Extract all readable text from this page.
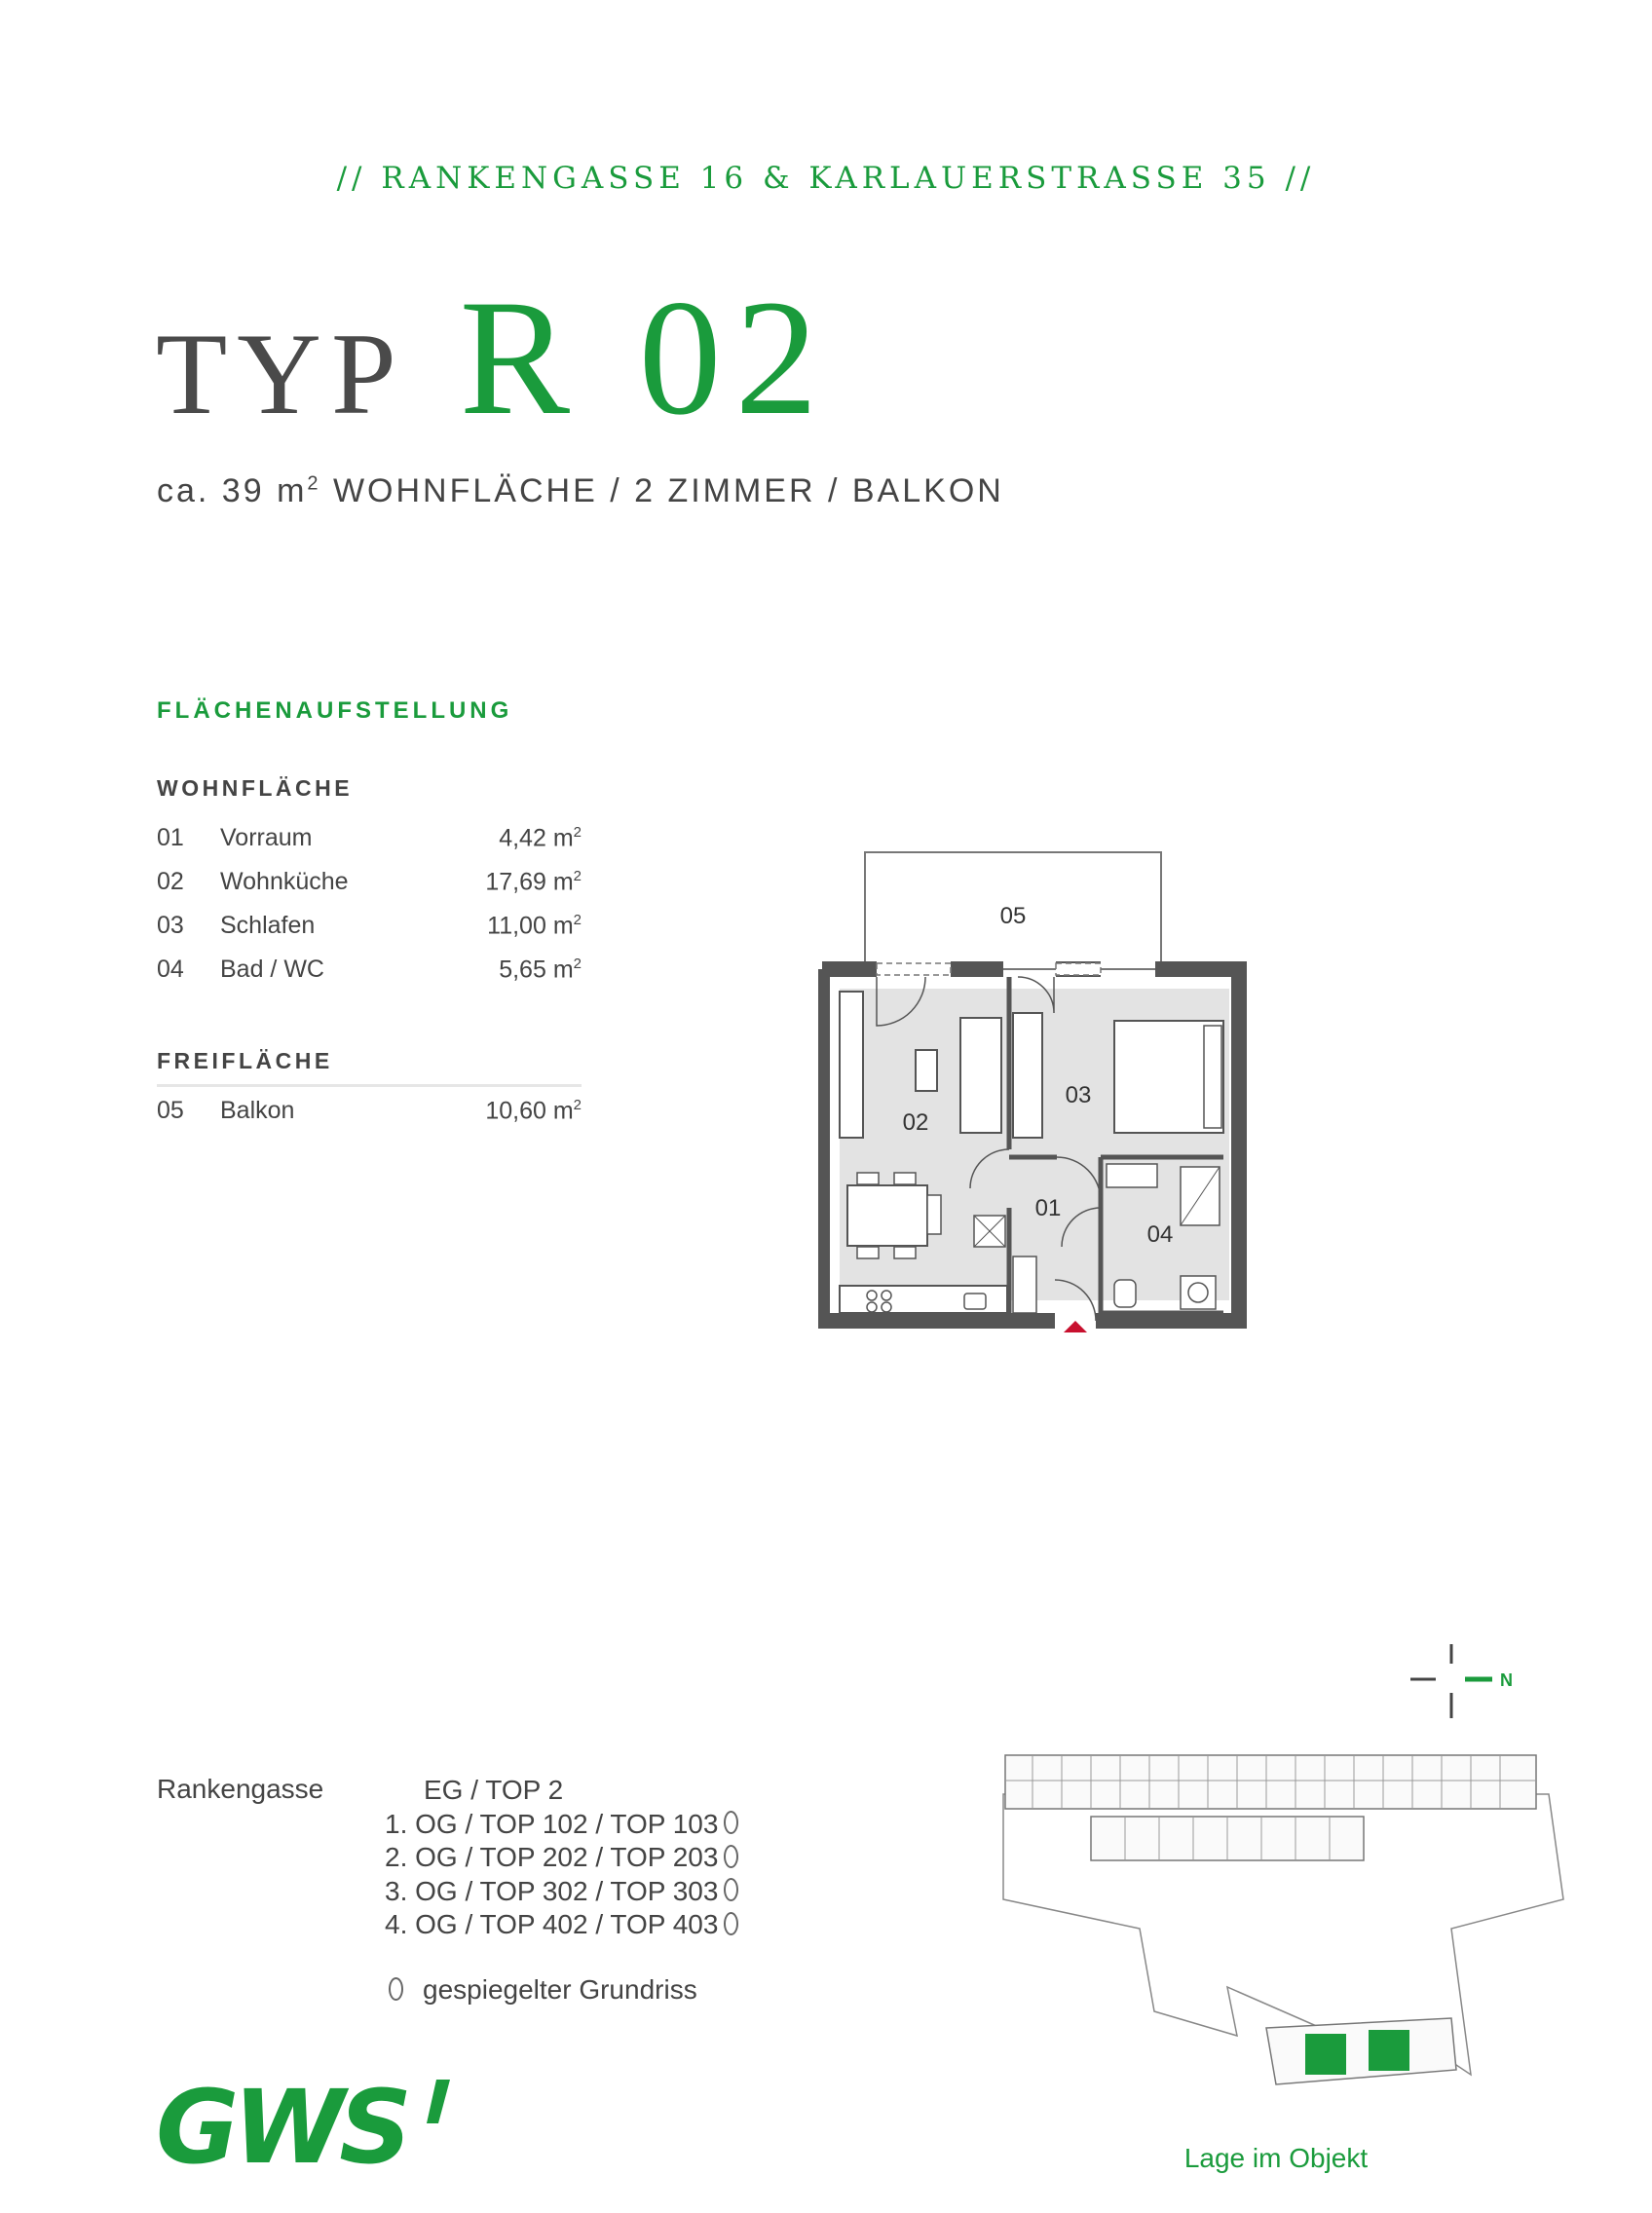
// RANKENGASSE 16 & KARLAUERSTRASSE 35 //
TYP R 02
ca. 39 $m^2$ WOHNFLÄCHE / 2 ZIMMER / BALKON
FLÄCHENAUFSTELLUNG
WOHNFLÄCHE
01 Vorraum	4,42 $m^2$
02 Wohnküche	17,69 $m^2$
03 Schlafen	11,00 $m^2$
04 Bad / WC	5,65 $m^2$
FREIFLÄCHE
05 Balkon	10,60 $m^2$
05
02
03
01
04
Rankengasse	EG / TOP 2
1. OG / TOP 102 / TOP 103
2. OG / TOP 202 / TOP 203
3. OG / TOP 302 / TOP 303
4. OG / TOP 402 / TOP 403
gespiegelter Grundriss
N
Lage im Objekt
GWS
